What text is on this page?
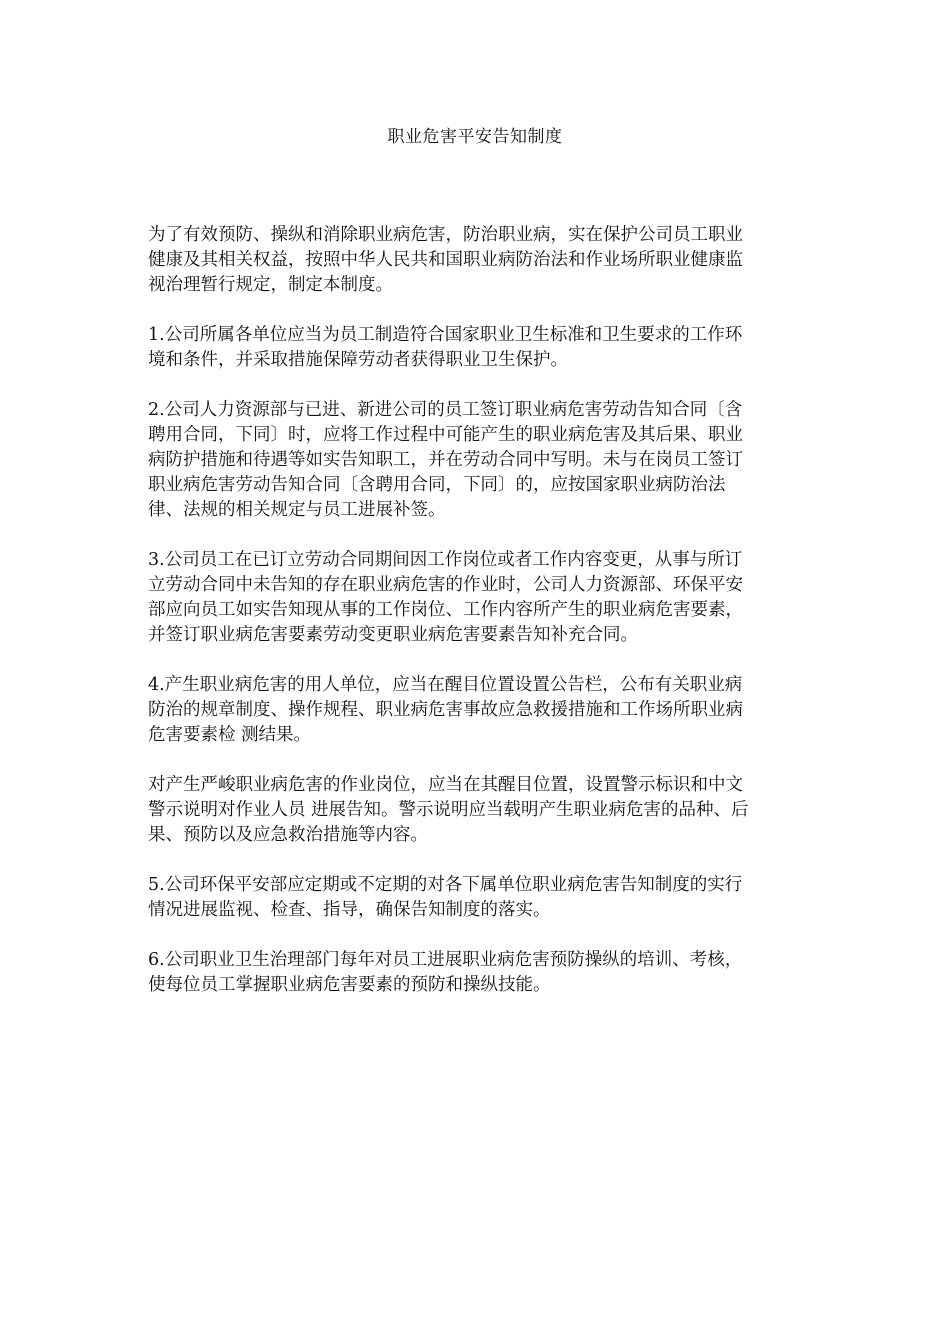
职业危害平安告知制度

为了有效预防、操纵和消除职业病危害，防治职业病，实在保护公司员工职业
健康及其相关权益，按照中华人民共和国职业病防治法和作业场所职业健康监
视治理暂行规定，制定本制度。

1.公司所属各单位应当为员工制造符合国家职业卫生标准和卫生要求的工作环
境和条件，并采取措施保障劳动者获得职业卫生保护。

2.公司人力资源部与已进、新进公司的员工签订职业病危害劳动告知合同〔含
聘用合同，下同〕时，应将工作过程中可能产生的职业病危害及其后果、职业
病防护措施和待遇等如实告知职工，并在劳动合同中写明。未与在岗员工签订
职业病危害劳动告知合同〔含聘用合同，下同〕的，应按国家职业病防治法
律、法规的相关规定与员工进展补签。

3.公司员工在已订立劳动合同期间因工作岗位或者工作内容变更，从事与所订
立劳动合同中未告知的存在职业病危害的作业时，公司人力资源部、环保平安
部应向员工如实告知现从事的工作岗位、工作内容所产生的职业病危害要素，
并签订职业病危害要素劳动变更职业病危害要素告知补充合同。

4.产生职业病危害的用人单位，应当在醒目位置设置公告栏，公布有关职业病
防治的规章制度、操作规程、职业病危害事故应急救援措施和工作场所职业病
危害要素检 测结果。

对产生严峻职业病危害的作业岗位，应当在其醒目位置，设置警示标识和中文
警示说明对作业人员 进展告知。警示说明应当载明产生职业病危害的品种、后
果、预防以及应急救治措施等内容。

5.公司环保平安部应定期或不定期的对各下属单位职业病危害告知制度的实行
情况进展监视、检查、指导，确保告知制度的落实。

6.公司职业卫生治理部门每年对员工进展职业病危害预防操纵的培训、考核，
使每位员工掌握职业病危害要素的预防和操纵技能。
